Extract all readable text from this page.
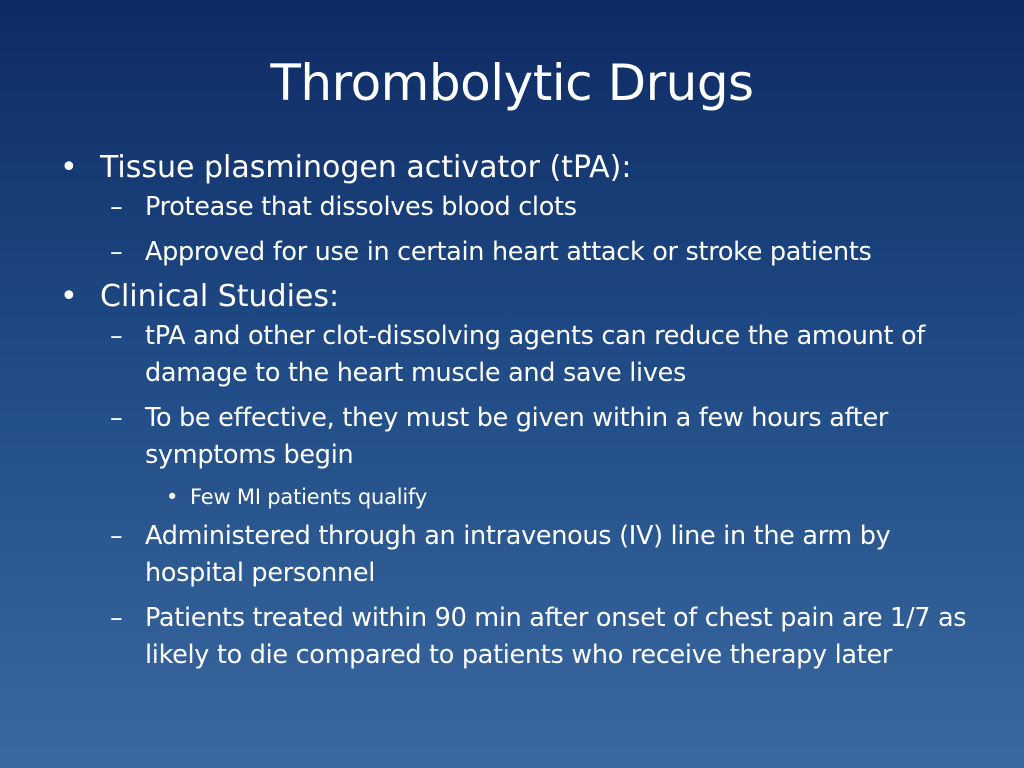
Thrombolytic Drugs
• Tissue plasminogen activator (tPA):
– Protease that dissolves blood clots
– Approved for use in certain heart attack or stroke patients
• Clinical Studies:
– tPA and other clot-dissolving agents can reduce the amount of damage to the heart muscle and save lives
– To be effective, they must be given within a few hours after symptoms begin
• Few MI patients qualify
– Administered through an intravenous (IV) line in the arm by hospital personnel
– Patients treated within 90 min after onset of chest pain are 1/7 as likely to die compared to patients who receive therapy later
